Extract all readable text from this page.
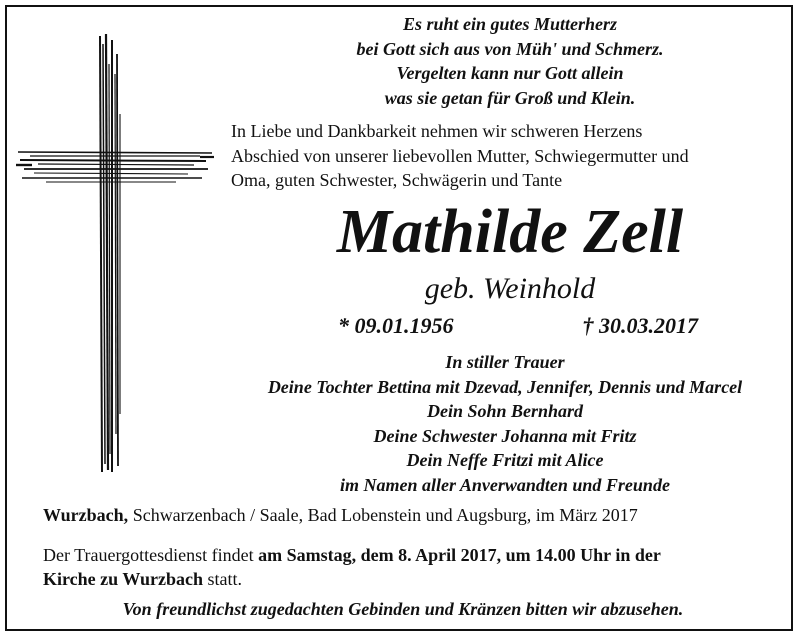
Es ruht ein gutes Mutterherz
bei Gott sich aus von Müh' und Schmerz.
Vergelten kann nur Gott allein
was sie getan für Groß und Klein.
In Liebe und Dankbarkeit nehmen wir schweren Herzens
Abschied von unserer liebevollen Mutter, Schwiegermutter und
Oma, guten Schwester, Schwägerin und Tante
Mathilde Zell
geb. Weinhold
* 09.01.1956	† 30.03.2017
In stiller Trauer
Deine Tochter Bettina mit Dzevad, Jennifer, Dennis und Marcel
Dein Sohn Bernhard
Deine Schwester Johanna mit Fritz
Dein Neffe Fritzi mit Alice
im Namen aller Anverwandten und Freunde
Wurzbach, Schwarzenbach / Saale, Bad Lobenstein und Augsburg, im März 2017
Der Trauergottesdienst findet am Samstag, dem 8. April 2017, um 14.00 Uhr in der
Kirche zu Wurzbach statt.
Von freundlichst zugedachten Gebinden und Kränzen bitten wir abzusehen.
